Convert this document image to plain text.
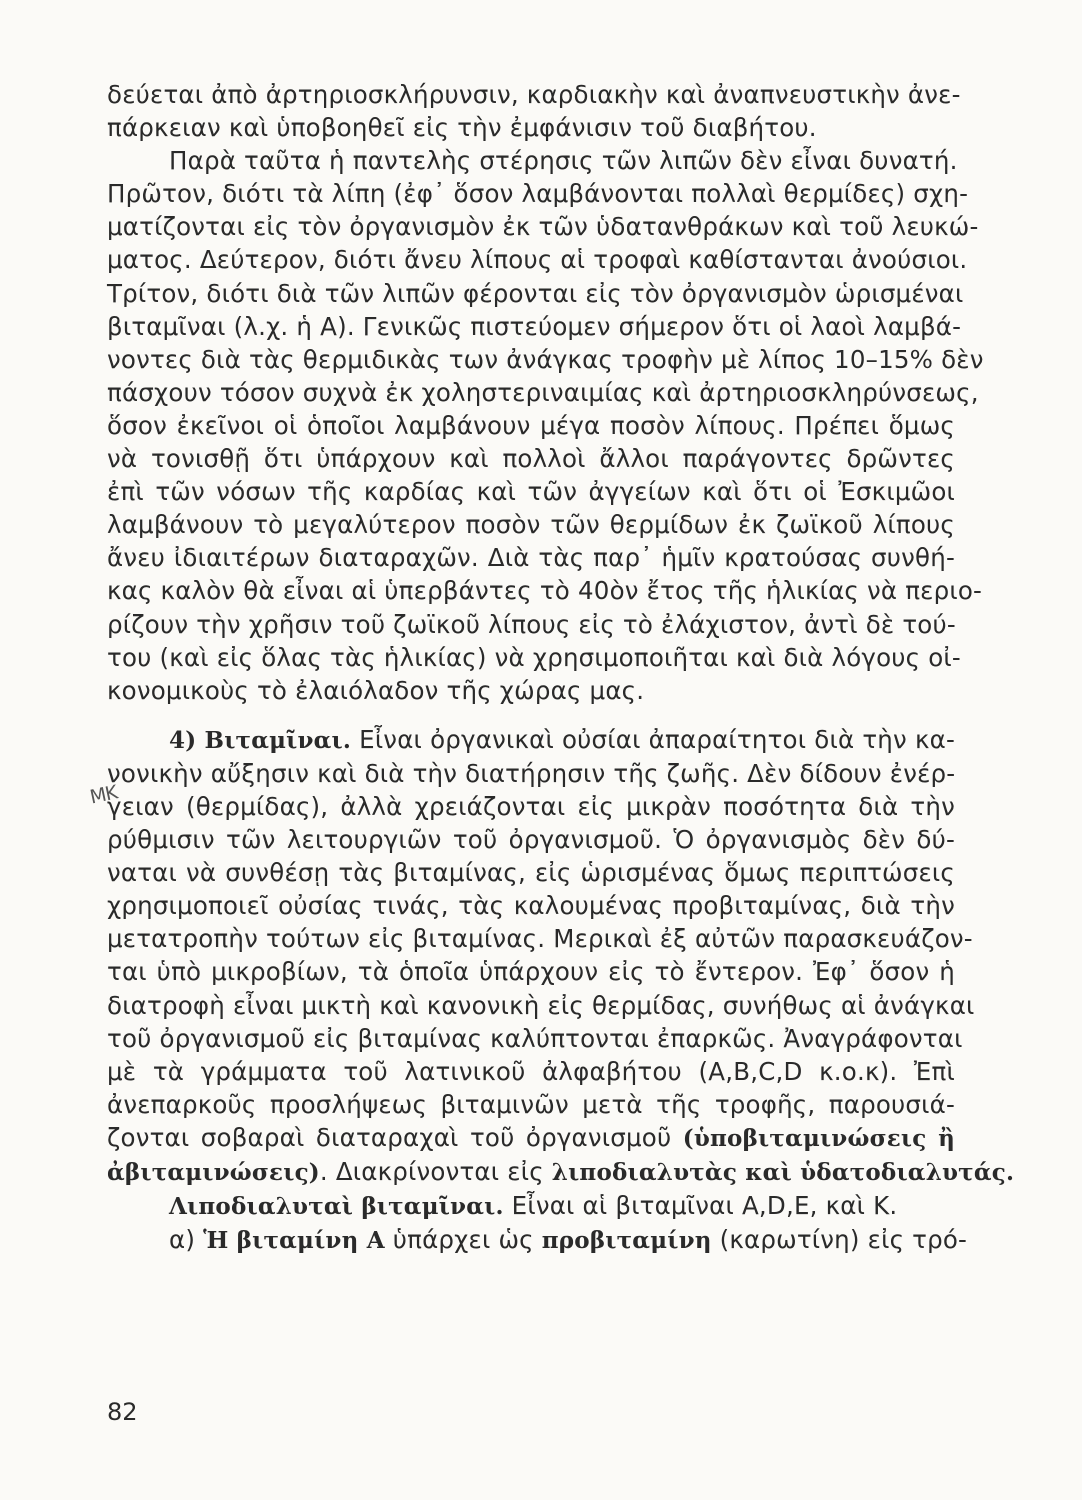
δεύεται ἀπὸ ἀρτηριοσκλήρυνσιν, καρδιακὴν καὶ ἀναπνευστικὴν ἀνε-
πάρκειαν καὶ ὑποβοηθεῖ εἰς τὴν ἐμφάνισιν τοῦ διαβήτου.
Παρὰ ταῦτα ἡ παντελὴς στέρησις τῶν λιπῶν δὲν εἶναι δυνατή.
Πρῶτον, διότι τὰ λίπη (ἐφ᾽ ὅσον λαμβάνονται πολλαὶ θερμίδες) σχη-
ματίζονται εἰς τὸν ὀργανισμὸν ἐκ τῶν ὑδατανθράκων καὶ τοῦ λευκώ-
ματος. Δεύτερον, διότι ἄνευ λίπους αἱ τροφαὶ καθίστανται ἀνούσιοι.
Τρίτον, διότι διὰ τῶν λιπῶν φέρονται εἰς τὸν ὀργανισμὸν ὡρισμέναι
βιταμῖναι (λ.χ. ἡ Α). Γενικῶς πιστεύομεν σήμερον ὅτι οἱ λαοὶ λαμβά-
νοντες διὰ τὰς θερμιδικὰς των ἀνάγκας τροφὴν μὲ λίπος 10–15% δὲν
πάσχουν τόσον συχνὰ ἐκ χοληστεριναιμίας καὶ ἀρτηριοσκληρύνσεως,
ὅσον ἐκεῖνοι οἱ ὁποῖοι λαμβάνουν μέγα ποσὸν λίπους. Πρέπει ὅμως
νὰ τονισθῇ ὅτι ὑπάρχουν καὶ πολλοὶ ἄλλοι παράγοντες δρῶντες
ἐπὶ τῶν νόσων τῆς καρδίας καὶ τῶν ἀγγείων καὶ ὅτι οἱ Ἐσκιμῶοι
λαμβάνουν τὸ μεγαλύτερον ποσὸν τῶν θερμίδων ἐκ ζωϊκοῦ λίπους
ἄνευ ἰδιαιτέρων διαταραχῶν. Διὰ τὰς παρ᾽ ἡμῖν κρατούσας συνθή-
κας καλὸν θὰ εἶναι αἱ ὑπερβάντες τὸ 40ὸν ἔτος τῆς ἡλικίας νὰ περιο-
ρίζουν τὴν χρῆσιν τοῦ ζωϊκοῦ λίπους εἰς τὸ ἐλάχιστον, ἀντὶ δὲ τού-
του (καὶ εἰς ὅλας τὰς ἡλικίας) νὰ χρησιμοποιῆται καὶ διὰ λόγους οἰ-
κονομικοὺς τὸ ἐλαιόλαδον τῆς χώρας μας.
4) Βιταμῖναι. Εἶναι ὀργανικαὶ οὐσίαι ἀπαραίτητοι διὰ τὴν κα-
νονικὴν αὔξησιν καὶ διὰ τὴν διατήρησιν τῆς ζωῆς. Δὲν δίδουν ἐνέρ-
γειαν (θερμίδας), ἀλλὰ χρειάζονται εἰς μικρὰν ποσότητα διὰ τὴν
ρύθμισιν τῶν λειτουργιῶν τοῦ ὀργανισμοῦ. Ὁ ὀργανισμὸς δὲν δύ-
ναται νὰ συνθέσῃ τὰς βιταμίνας, εἰς ὡρισμένας ὅμως περιπτώσεις
χρησιμοποιεῖ οὐσίας τινάς, τὰς καλουμένας προβιταμίνας, διὰ τὴν
μετατροπὴν τούτων εἰς βιταμίνας. Μερικαὶ ἐξ αὐτῶν παρασκευάζον-
ται ὑπὸ μικροβίων, τὰ ὁποῖα ὑπάρχουν εἰς τὸ ἔντερον. Ἐφ᾽ ὅσον ἡ
διατροφὴ εἶναι μικτὴ καὶ κανονικὴ εἰς θερμίδας, συνήθως αἱ ἀνάγκαι
τοῦ ὀργανισμοῦ εἰς βιταμίνας καλύπτονται ἐπαρκῶς. Ἀναγράφονται
μὲ τὰ γράμματα τοῦ λατινικοῦ ἀλφαβήτου (Α,Β,C,D κ.ο.κ). Ἐπὶ
ἀνεπαρκοῦς προσλήψεως βιταμινῶν μετὰ τῆς τροφῆς, παρουσιά-
ζονται σοβαραὶ διαταραχαὶ τοῦ ὀργανισμοῦ (ὑποβιταμινώσεις ἢ
ἀβιταμινώσεις). Διακρίνονται εἰς λιποδιαλυτὰς καὶ ὑδατοδιαλυτάς.
Λιποδιαλυταὶ βιταμῖναι. Εἶναι αἱ βιταμῖναι Α,D,Ε, καὶ Κ.
α) Ἡ βιταμίνη Α ὑπάρχει ὡς προβιταμίνη (καρωτίνη) εἰς τρό-
ΜΚ
82
